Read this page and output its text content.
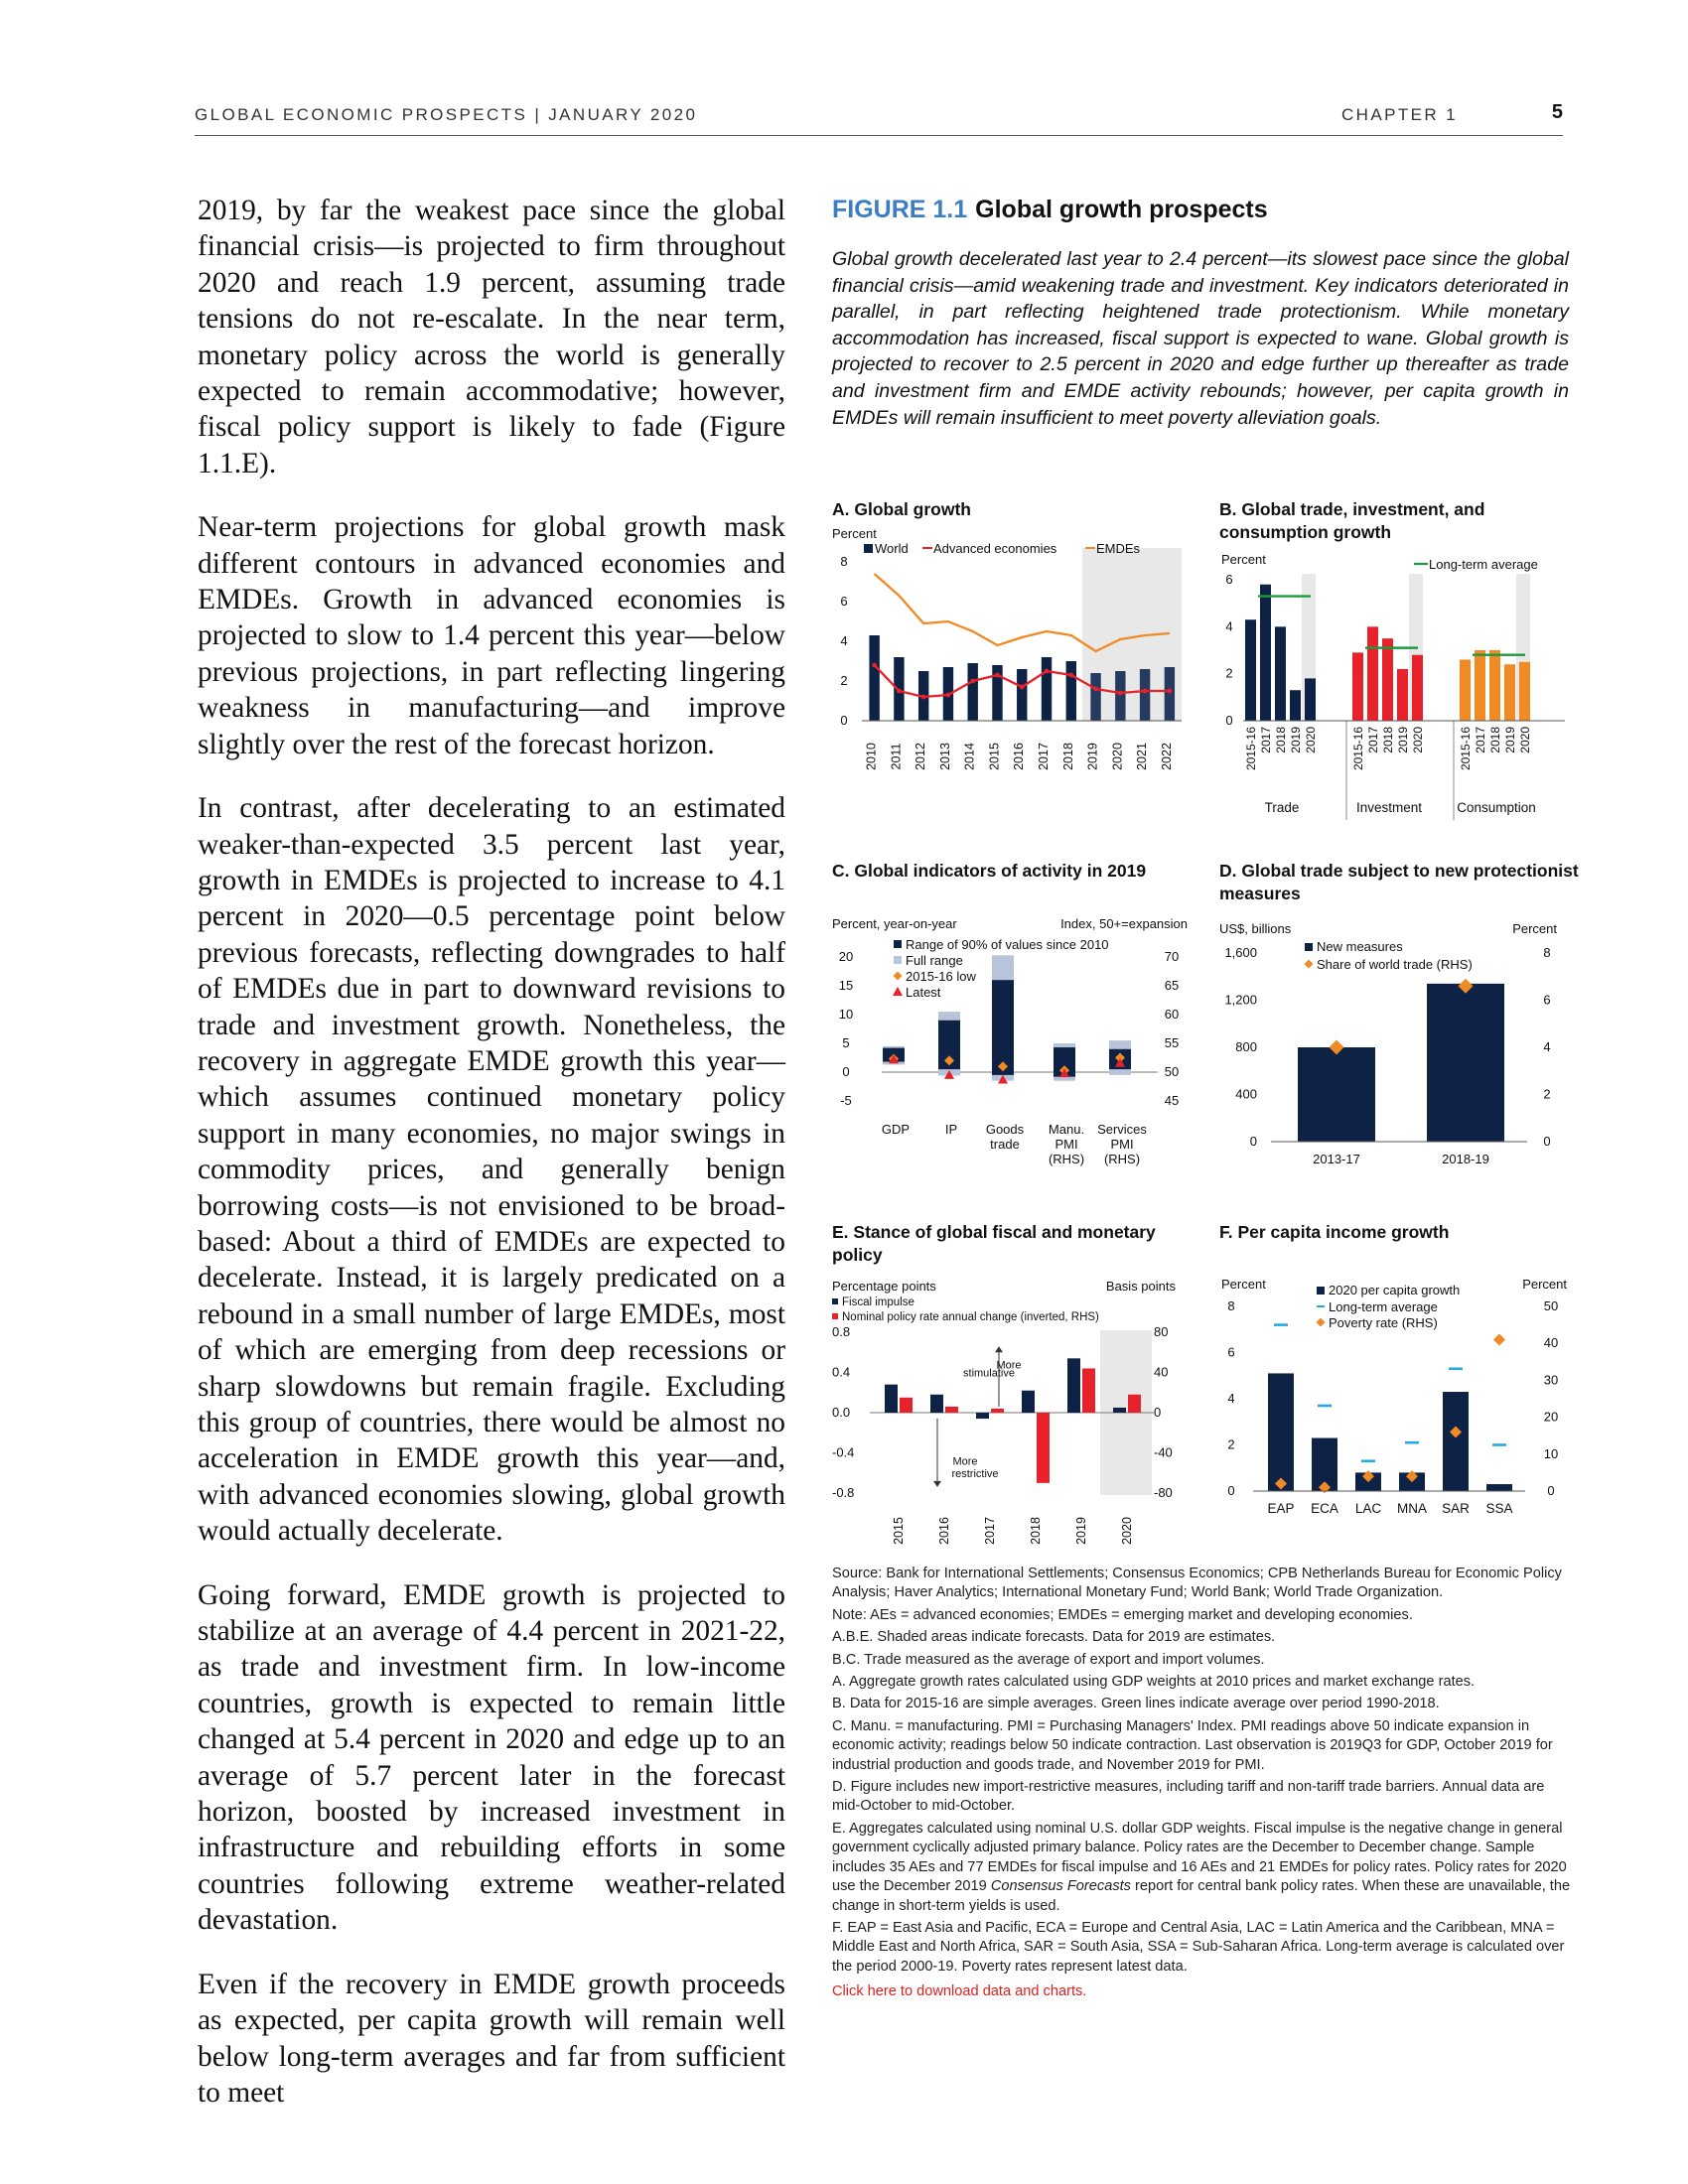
GLOBAL ECONOMIC PROSPECTS | JANUARY 2020	CHAPTER 1	5

2019, by far the weakest pace since the global financial crisis—is projected to firm throughout 2020 and reach 1.9 percent, assuming trade tensions do not re-escalate. In the near term, monetary policy across the world is generally expected to remain accommodative; however, fiscal policy support is likely to fade (Figure 1.1.E).

Near-term projections for global growth mask different contours in advanced economies and EMDEs. Growth in advanced economies is projected to slow to 1.4 percent this year—below previous projections, in part reflecting lingering weakness in manufacturing—and improve slightly over the rest of the forecast horizon.

In contrast, after decelerating to an estimated weaker-than-expected 3.5 percent last year, growth in EMDEs is projected to increase to 4.1 percent in 2020—0.5 percentage point below previous forecasts, reflecting downgrades to half of EMDEs due in part to downward revisions to trade and investment growth. Nonetheless, the recovery in aggregate EMDE growth this year—which assumes continued monetary policy support in many economies, no major swings in commodity prices, and generally benign borrowing costs—is not envisioned to be broad-based: About a third of EMDEs are expected to decelerate. Instead, it is largely predicated on a rebound in a small number of large EMDEs, most of which are emerging from deep recessions or sharp slowdowns but remain fragile. Excluding this group of countries, there would be almost no acceleration in EMDE growth this year—and, with advanced economies slowing, global growth would actually decelerate.

Going forward, EMDE growth is projected to stabilize at an average of 4.4 percent in 2021-22, as trade and investment firm. In low-income countries, growth is expected to remain little changed at 5.4 percent in 2020 and edge up to an average of 5.7 percent later in the forecast horizon, boosted by increased investment in infrastructure and rebuilding efforts in some countries following extreme weather-related devastation.

Even if the recovery in EMDE growth proceeds as expected, per capita growth will remain well below long-term averages and far from sufficient to meet

FIGURE 1.1 Global growth prospects

Global growth decelerated last year to 2.4 percent—its slowest pace since the global financial crisis—amid weakening trade and investment. Key indicators deteriorated in parallel, in part reflecting heightened trade protectionism. While monetary accommodation has increased, fiscal support is expected to wane. Global growth is projected to recover to 2.5 percent in 2020 and edge further up thereafter as trade and investment firm and EMDE activity rebounds; however, per capita growth in EMDEs will remain insufficient to meet poverty alleviation goals.

A. Global growth
Percent
0
2
4
6
8
2010 2011 2012 2013 2014 2015 2016 2017 2018 2019 2020 2021 2022
World Advanced economies	EMDEs
B. Global trade, investment, and consumption growth
Percent
0
2
4
6
Long-term average
2015-16 2017 2018 2019 2020
Trade
2015-16 2017 2018 2019 2020
Investment
2015-16 2017 2018 2019 2020
Consumption
C. Global indicators of activity in 2019
Percent, year-on-year	Index, 50+=expansion
-5
0
5
10
15
20
45
50
55
60
65
70
GDP	IP Goods
trade
Manu.
PMI
(RHS)
Services
PMI
(RHS)
Range of 90% of values since 2010
Full range
2015-16 low
Latest
D. Global trade subject to new protectionist measures
US$, billions	Percent
0
400
800
1,200
1,600
0
2
4
6
8
2013-17	2018-19
New measures
Share of world trade (RHS)
E. Stance of global fiscal and monetary policy
Percentage points	Basis points
Fiscal impulse
Nominal policy rate annual change (inverted, RHS)
-0.8
-0.4
0.0
0.4
0.8
-80
-40
0
40
80
2015	2016	2017	2018	2019	2020
More
stimulative
More
restrictive
F. Per capita income growth
Percent	Percent
0
2
4
6
8
0
10
20
30
40
50
EAP ECA LAC MNA SAR SSA
2020 per capita growth
Long-term average
Poverty rate (RHS)

Source: Bank for International Settlements; Consensus Economics; CPB Netherlands Bureau for Economic Policy Analysis; Haver Analytics; International Monetary Fund; World Bank; World Trade Organization.

Note: AEs = advanced economies; EMDEs = emerging market and developing economies.

A.B.E. Shaded areas indicate forecasts. Data for 2019 are estimates.

B.C. Trade measured as the average of export and import volumes.

A. Aggregate growth rates calculated using GDP weights at 2010 prices and market exchange rates.

B. Data for 2015-16 are simple averages. Green lines indicate average over period 1990-2018.

C. Manu. = manufacturing. PMI = Purchasing Managers' Index. PMI readings above 50 indicate expansion in economic activity; readings below 50 indicate contraction. Last observation is 2019Q3 for GDP, October 2019 for industrial production and goods trade, and November 2019 for PMI.

D. Figure includes new import-restrictive measures, including tariff and non-tariff trade barriers. Annual data are mid-October to mid-October.

E. Aggregates calculated using nominal U.S. dollar GDP weights. Fiscal impulse is the negative change in general government cyclically adjusted primary balance. Policy rates are the December to December change. Sample includes 35 AEs and 77 EMDEs for fiscal impulse and 16 AEs and 21 EMDEs for policy rates. Policy rates for 2020 use the December 2019 Consensus Forecasts report for central bank policy rates. When these are unavailable, the change in short-term yields is used.

F. EAP = East Asia and Pacific, ECA = Europe and Central Asia, LAC = Latin America and the Caribbean, MNA = Middle East and North Africa, SAR = South Asia, SSA = Sub-Saharan Africa. Long-term average is calculated over the period 2000-19. Poverty rates represent latest data.

Click here to download data and charts.
